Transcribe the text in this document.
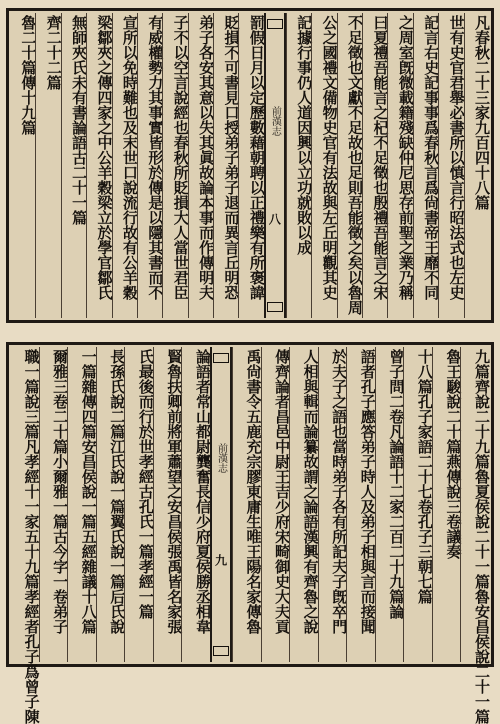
凡春秋二十三家九百四十八篇
世有史官君舉必書所以慎言行昭法式也左史
記言右史記事事爲春秋言爲尙書帝王靡不同
之周室旣微載籍殘缺仲尼思存前聖之業乃稱
曰夏禮吾能言之杞不足徵也殷禮吾能言之宋
不足徵也文獻不足故也足則吾能徵之矣以魯周
公之國禮文備物史官有法故與左丘明觀其史
記據行事仍人道因興以立功就敗以成
前漢志
八
罰假日月以定歷數藉朝聘以正禮樂有所褒諱
貶損不可書見口授弟子弟子退而異言丘明恐
弟子各安其意以失其眞故論本事而作傳明夫
子不以空言說經也春秋所貶損大人當世君臣
有威權勢力其事實皆形於傳是以隱其書而不
宣所以免時難也及末世口說流行故有公羊穀
梁鄒夾之傳四家之中公羊穀梁立於學官鄒氏
無師夾氏未有書論語古二十一篇
齊二十二篇
魯二十篇傳十九篇
九篇齊說二十九篇魯夏侯說二十一篇魯安昌侯說二十一篇
魯王駿說二十篇燕傳說三卷議奏
十八篇孔子家語二十七卷孔子三朝七篇
曾子問二卷凡論語十二家二百二十九篇論
語者孔子應答弟子時人及弟子相與言而接聞
於夫子之語也當時弟子各有所記夫子旣卒門
人相與輯而論纂故謂之論語漢興有齊魯之說
傳齊論者昌邑中尉王吉少府宋畸御史大夫貢
禹尙書令五鹿充宗膠東庸生唯王陽名家傳魯
前漢志
九
論語者常山都尉龔奮長信少府夏侯勝丞相韋
賢魯扶卿前將軍蕭望之安昌侯張禹皆名家張
氏最後而行於世孝經古孔氏一篇孝經一篇
長孫氏說二篇江氏說一篇翼氏說一篇后氏說
一篇雜傳四篇安昌侯說一篇五經雜議十八篇
爾雅三卷二十篇小爾雅一篇古今字一卷弟子
職一篇說三篇凡孝經十一家五十九篇孝經者孔子爲曾子陳
